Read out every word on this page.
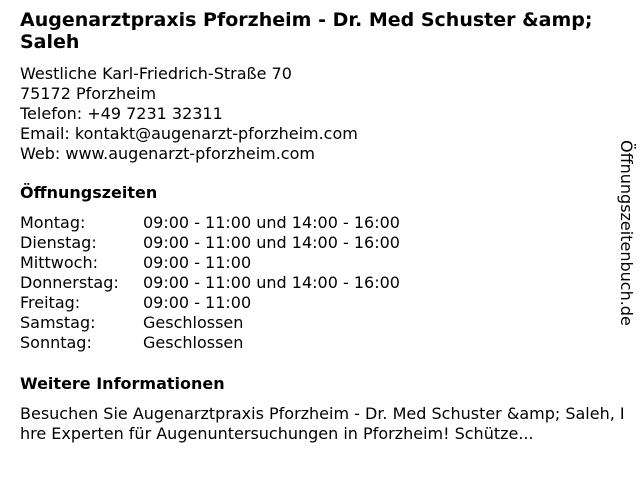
Augenarztpraxis Pforzheim - Dr. Med Schuster &amp; Saleh
Westliche Karl-Friedrich-Straße 70
75172 Pforzheim
Telefon: +49 7231 32311
Email: kontakt@augenarzt-pforzheim.com
Web: www.augenarzt-pforzheim.com
Öffnungszeiten
Montag:	09:00 - 11:00 und 14:00 - 16:00
Dienstag:	09:00 - 11:00 und 14:00 - 16:00
Mittwoch:	09:00 - 11:00
Donnerstag: 09:00 - 11:00 und 14:00 - 16:00
Freitag:	09:00 - 11:00
Samstag:	Geschlossen
Sonntag:	Geschlossen
Weitere Informationen
Besuchen Sie Augenarztpraxis Pforzheim - Dr. Med Schuster &amp; Saleh, Ihre Experten für Augenuntersuchungen in Pforzheim! Schütze...
Öffnungszeitenbuch.de
